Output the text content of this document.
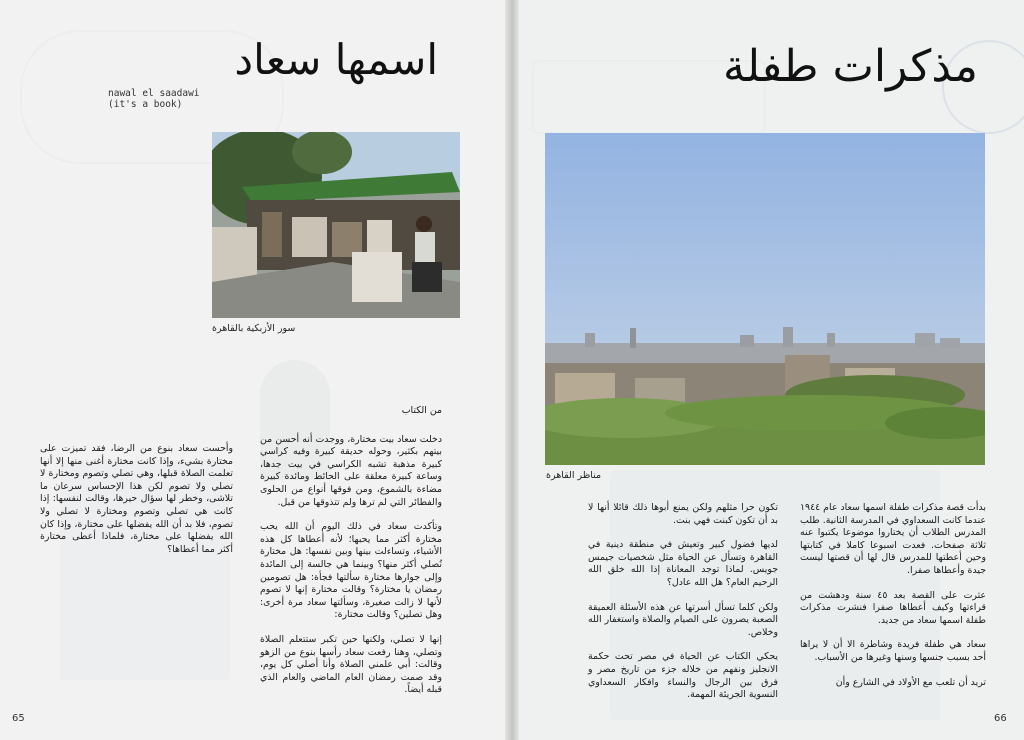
اسمها سعاد
nawal el saadawi
(it's a book)
سور الأزبكية بالقاهرة

من الكتاب

دخلت سعاد بيت مختارة، ووجدت أنه أحسن من بيتهم بكثير، وحوله حديقة كبيرة وفيه كراسي كبيرة مذهبة تشبه الكراسي في بيت جدها، وساعة كبيرة معلقة على الحائط ومائدة كبيرة مضاءة بالشموع، ومن فوقها أنواع من الحلوى والفطائر التي لم ترها ولم تتذوقها من قبل.

وتأكدت سعاد في ذلك اليوم أن الله يحب مختارة أكثر مما يحبها؛ لأنه أعطاها كل هذه الأشياء، وتساءلت بينها وبين نفسها: هل مختارة تُصلي أكثر منها؟ وبينما هي جالسة إلى المائدة وإلى جوارها مختارة سألتها فجأة: هل تصومين رمضان يا مختارة؟ وقالت مختارة إنها لا تصوم لأنها لا زالت صغيرة، وسألتها سعاد مرة أخرى: وهل تصلين؟ وقالت مختارة:

إنها لا تصلي، ولكنها حين تكبر ستتعلم الصلاة وتصلي، وهنا رفعت سعاد رأسها بنوع من الزهو وقالت: أبي علمني الصلاة وأنا أصلي كل يوم، وقد صمت رمضان العام الماضي والعام الذي قبله أيضاً.

وأحست سعاد بنوع من الرضا، فقد تميزت على مختارة بشيء، وإذا كانت مختارة أغنى منها إلا أنها تعلمت الصلاة قبلها، وهي تصلي وتصوم ومختارة لا تصلي ولا تصوم لكن هذا الإحساس سرعان ما تلاشى، وخطر لها سؤال حيرها، وقالت لنفسها: إذا كانت هي تصلي وتصوم ومختارة لا تصلي ولا تصوم، فلا بد أن الله يفضلها على مختارة، وإذا كان الله يفضلها على مختارة، فلماذا أعطى مختارة أكثر مما أعطاها؟

65
مذكرات طفلة
مناظر القاهرة

بدأت قصة مذكرات طفلة اسمها سعاد عام ١٩٤٤ عندما كانت السعداوي في المدرسة الثانية. طلب المدرس الطلاب أن يختاروا موضوعا يكتبوا عنه ثلاثة صفحات. فعدت اسبوعا كاملا في كتابتها وحين أعطتها للمدرس قال لها أن قصتها ليست جيدة وأعطاها صفرا.

عثرت على القصة بعد ٤٥ سنة ودهشت من قراءتها وكيف أعطاها صفرا فنشرت مذكرات طفلة اسمها سعاد من جديد.

سعاد هي طفلة فريدة وشاطرة الا أن لا يراها أحد بسبب جنسها وسنها وغيرها من الأسباب.

تريد أن تلعب مع الأولاد في الشارع وأن

تكون حرا مثلهم ولكن يمنع أبوها ذلك قائلا أنها لا بد أن تكون كبنت فهي بنت.

لديها فضول كبير وتعيش في منطقة دينية في القاهرة وتسأل عن الحياة مثل شخصيات جيمس جويس. لماذا توجد المعاناة إذا الله خلق الله الرحيم العام؟ هل الله عادل؟

ولكن كلما تسأل أسرتها عن هذه الأسئلة العميقة الصعبة يصرون على الصيام والصلاة واستغفار الله وخلاص.

يحكي الكتاب عن الحياة في مصر تحت حكمة الانجليز ونفهم من خلاله جزء من تاريخ مصر و فرق بين الرجال والنساء وافكار السعداوي النسوية الجريئة المهمة.

66
